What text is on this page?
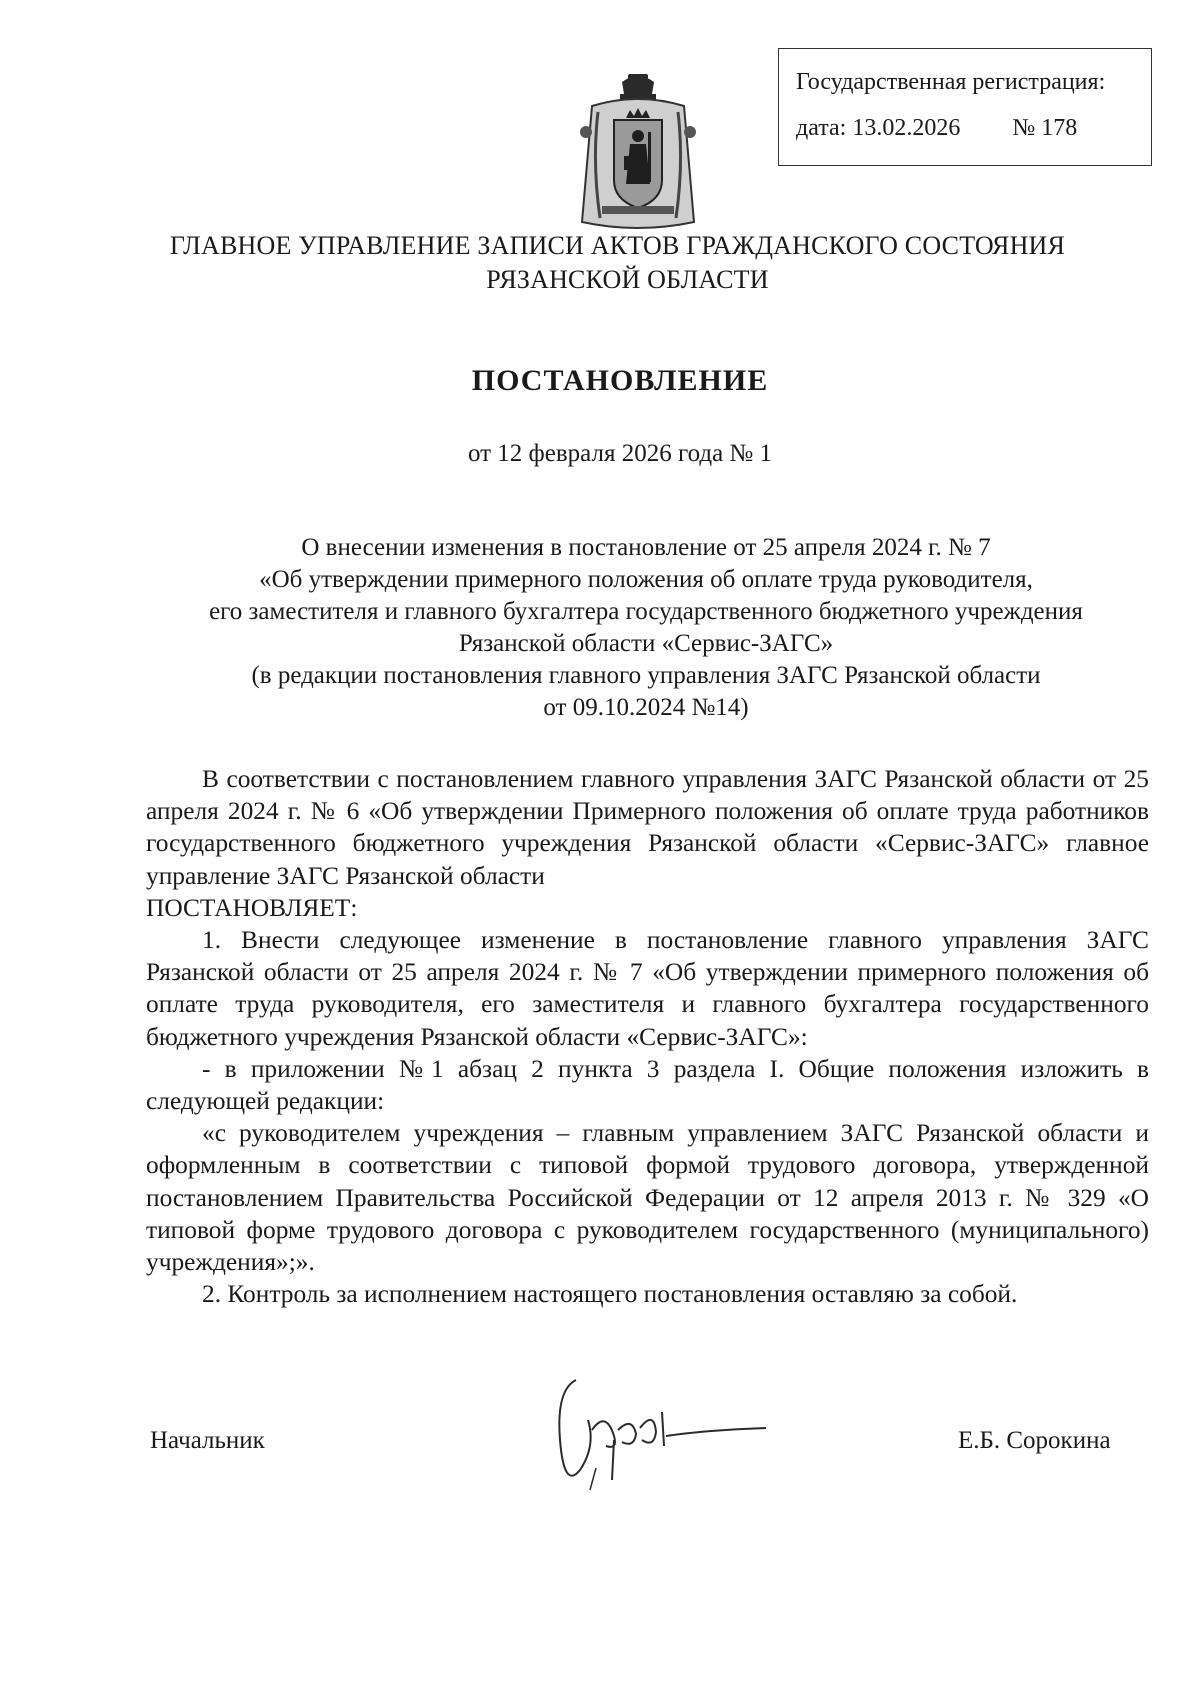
Государственная регистрация:
дата: 13.02.2026 № 178
ГЛАВНОЕ УПРАВЛЕНИЕ ЗАПИСИ АКТОВ ГРАЖДАНСКОГО СОСТОЯНИЯ
РЯЗАНСКОЙ ОБЛАСТИ
ПОСТАНОВЛЕНИЕ
от 12 февраля 2026 года № 1
О внесении изменения в постановление от 25 апреля 2024 г. № 7
«Об утверждении примерного положения об оплате труда руководителя,
его заместителя и главного бухгалтера государственного бюджетного учреждения
Рязанской области «Сервис-ЗАГС»
(в редакции постановления главного управления ЗАГС Рязанской области
от 09.10.2024 №14)

В соответствии с постановлением главного управления ЗАГС Рязанской области от 25 апреля 2024 г. № 6 «Об утверждении Примерного положения об оплате труда работников государственного бюджетного учреждения Рязанской области «Сервис-ЗАГС» главное управление ЗАГС Рязанской области

ПОСТАНОВЛЯЕТ:

1. Внести следующее изменение в постановление главного управления ЗАГС Рязанской области от 25 апреля 2024 г. № 7 «Об утверждении примерного положения об оплате труда руководителя, его заместителя и главного бухгалтера государственного бюджетного учреждения Рязанской области «Сервис-ЗАГС»:

- в приложении №1 абзац 2 пункта 3 раздела I. Общие положения изложить в следующей редакции:

«с руководителем учреждения – главным управлением ЗАГС Рязанской области и оформленным в соответствии с типовой формой трудового договора, утвержденной постановлением Правительства Российской Федерации от 12 апреля 2013 г. № 329 «О типовой форме трудового договора с руководителем государственного (муниципального) учреждения»;».

2. Контроль за исполнением настоящего постановления оставляю за собой.

Начальник	Е.Б. Сорокина
